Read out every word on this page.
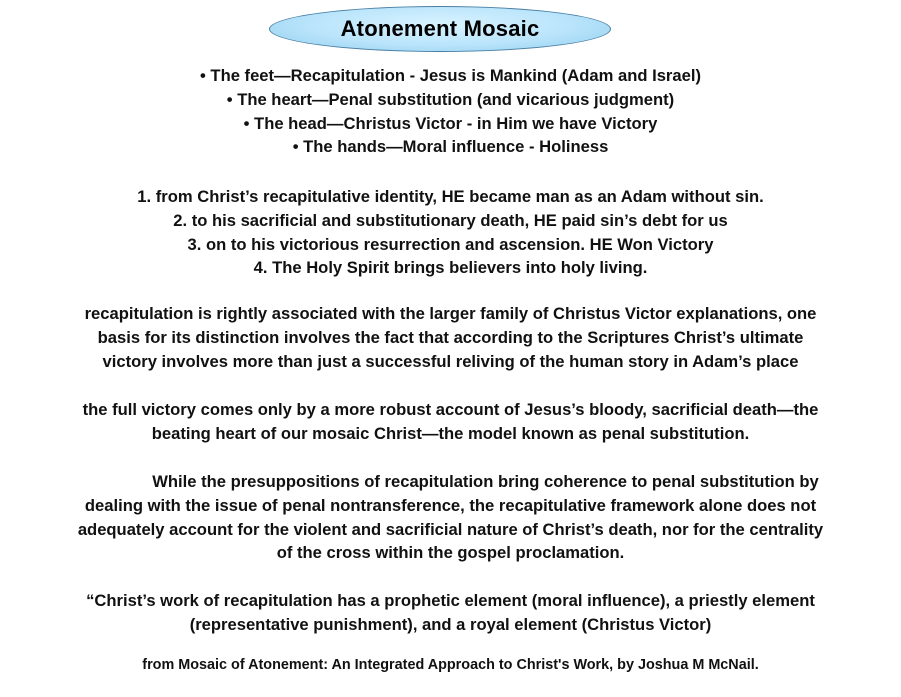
Atonement Mosaic
• The feet—Recapitulation - Jesus is Mankind (Adam and Israel)
• The heart—Penal substitution (and vicarious judgment)
• The head—Christus Victor - in Him we have Victory
• The hands—Moral influence - Holiness
1. from Christ’s recapitulative identity, HE became man as an Adam without sin.
2. to his sacrificial and substitutionary death, HE paid sin’s debt for us
3. on to his victorious resurrection and ascension. HE Won Victory
4. The Holy Spirit brings believers into holy living.
recapitulation is rightly associated with the larger family of Christus Victor explanations, one
basis for its distinction involves the fact that according to the Scriptures Christ’s ultimate
victory involves more than just a successful reliving of the human story in Adam’s place
the full victory comes only by a more robust account of Jesus’s bloody, sacrificial death—the
beating heart of our mosaic Christ—the model known as penal substitution.
While the presuppositions of recapitulation bring coherence to penal substitution by
dealing with the issue of penal nontransference, the recapitulative framework alone does not
adequately account for the violent and sacrificial nature of Christ’s death, nor for the centrality
of the cross within the gospel proclamation.
“Christ’s work of recapitulation has a prophetic element (moral influence), a priestly element
(representative punishment), and a royal element (Christus Victor)
from Mosaic of Atonement: An Integrated Approach to Christ's Work, by Joshua M McNail.
